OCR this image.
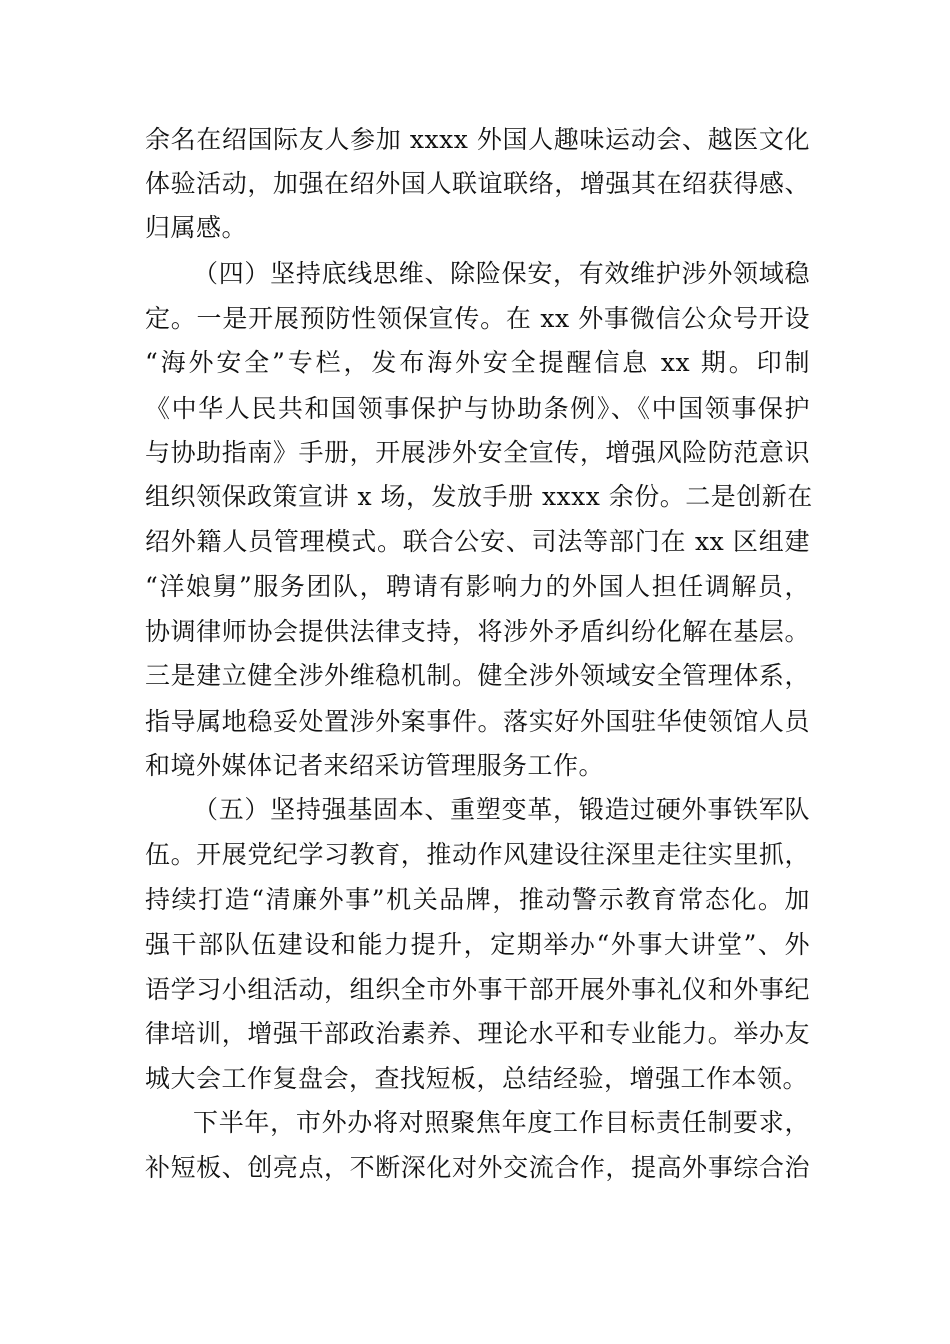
余名在绍国际友人参加 xxxx 外国人趣味运动会、越医文化

体验活动，加强在绍外国人联谊联络，增强其在绍获得感、

归属感。

（四）坚持底线思维、除险保安，有效维护涉外领域稳

定。一是开展预防性领保宣传。在 xx 外事微信公众号开设

“海外安全”专栏，发布海外安全提醒信息 xx 期。印制

《中华人民共和国领事保护与协助条例》、《中国领事保护

与协助指南》手册，开展涉外安全宣传，增强风险防范意识

组织领保政策宣讲 x 场，发放手册 xxxx 余份。二是创新在

绍外籍人员管理模式。联合公安、司法等部门在 xx 区组建

“洋娘舅”服务团队，聘请有影响力的外国人担任调解员，

协调律师协会提供法律支持，将涉外矛盾纠纷化解在基层。

三是建立健全涉外维稳机制。健全涉外领域安全管理体系，

指导属地稳妥处置涉外案事件。落实好外国驻华使领馆人员

和境外媒体记者来绍采访管理服务工作。

（五）坚持强基固本、重塑变革，锻造过硬外事铁军队

伍。开展党纪学习教育，推动作风建设往深里走往实里抓，

持续打造“清廉外事”机关品牌，推动警示教育常态化。加

强干部队伍建设和能力提升，定期举办“外事大讲堂”、外

语学习小组活动，组织全市外事干部开展外事礼仪和外事纪

律培训，增强干部政治素养、理论水平和专业能力。举办友

城大会工作复盘会，查找短板，总结经验，增强工作本领。

下半年，市外办将对照聚焦年度工作目标责任制要求，

补短板、创亮点，不断深化对外交流合作，提高外事综合治
